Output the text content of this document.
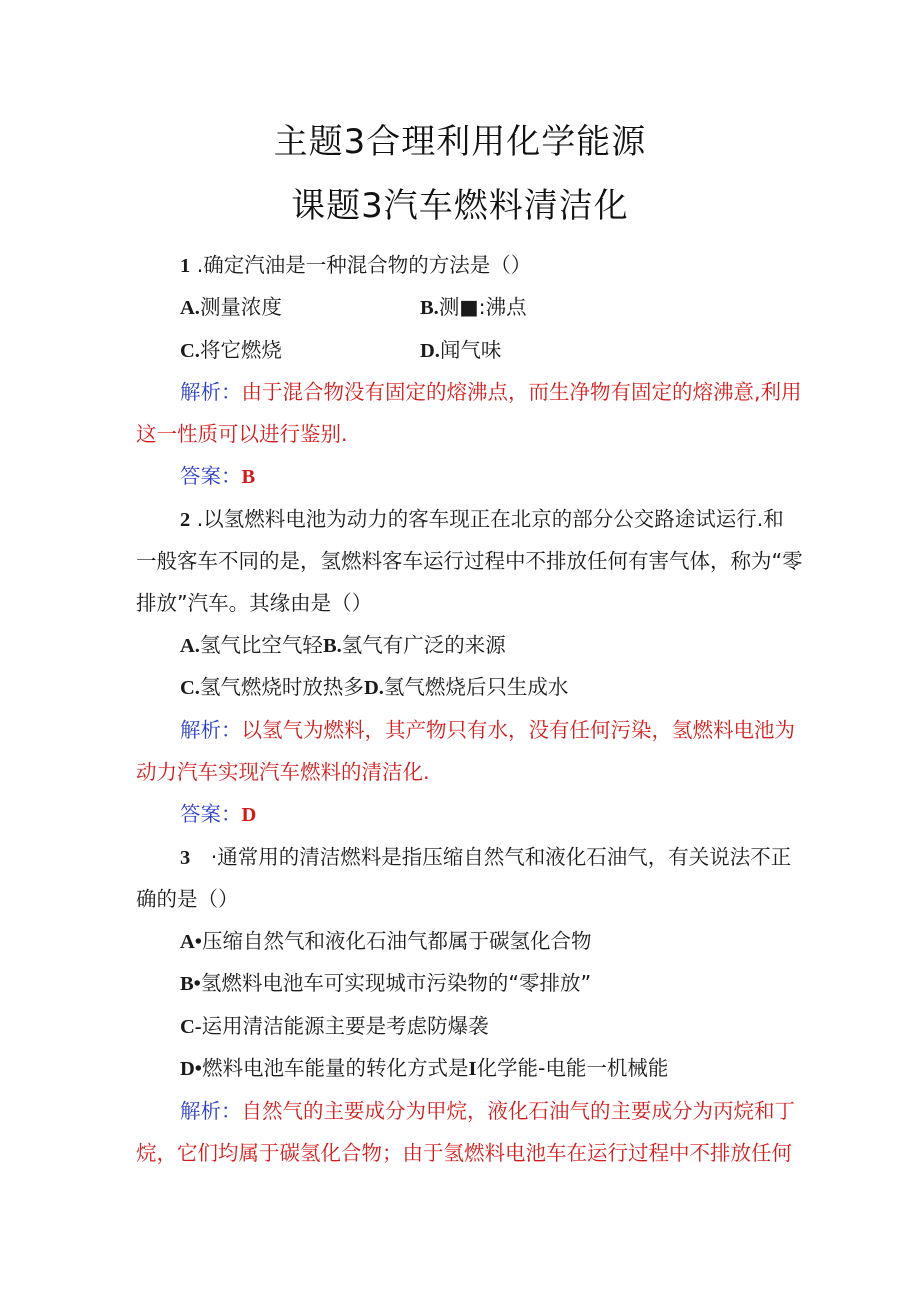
主题3合理利用化学能源
课题3汽车燃料清洁化
1 .确定汽油是一种混合物的方法是（）
A.测量浓度	B.测■:沸点
C.将它燃烧	D.闻气味
解析：由于混合物没有固定的熔沸点，而生净物有固定的熔沸意,利用
这一性质可以进行鉴别.
答案：B
2 .以氢燃料电池为动力的客车现正在北京的部分公交路途试运行.和
一般客车不同的是，氢燃料客车运行过程中不排放任何有害气体，称为“零
排放”汽车。其缘由是（）
A.氢气比空气轻B.氢气有广泛的来源
C.氢气燃烧时放热多D.氢气燃烧后只生成水
解析：以氢气为燃料，其产物只有水，没有任何污染，氢燃料电池为
动力汽车实现汽车燃料的清洁化.
答案：D
3 ·通常用的清洁燃料是指压缩自然气和液化石油气，有关说法不正
确的是（）
A•压缩自然气和液化石油气都属于碳氢化合物
B•氢燃料电池车可实现城市污染物的“零排放”
C-运用清洁能源主要是考虑防爆袭
D•燃料电池车能量的转化方式是I化学能-电能一机械能
解析：自然气的主要成分为甲烷，液化石油气的主要成分为丙烷和丁
烷，它们均属于碳氢化合物；由于氢燃料电池车在运行过程中不排放任何
